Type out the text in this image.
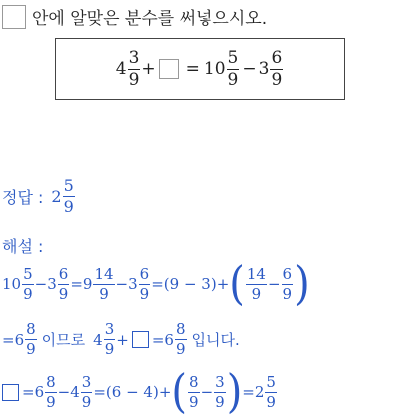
안에 알맞은 분수를 써넣으시오.
$4 \frac{3}{9}$ + = $10 \frac{5}{9} - 3 \frac{6}{9}$
정답 : $2 \frac{5}{9}$
해설 :
$10 \frac{5}{9} - 3 \frac{6}{9} = 9 \frac{14}{9} - 3 \frac{6}{9} = (9 - 3)$ + ( $\frac{14}{9} - \frac{6}{9}$ )
= $6 \frac{8}{9}$ 이므로 $4 \frac{3}{9}$ + = $6 \frac{8}{9}$ 입니다.
= $6 \frac{8}{9} - 4 \frac{3}{9} = (6 - 4)$ + ( $\frac{8}{9} - \frac{3}{9}$ ) = $2 \frac{5}{9}$
